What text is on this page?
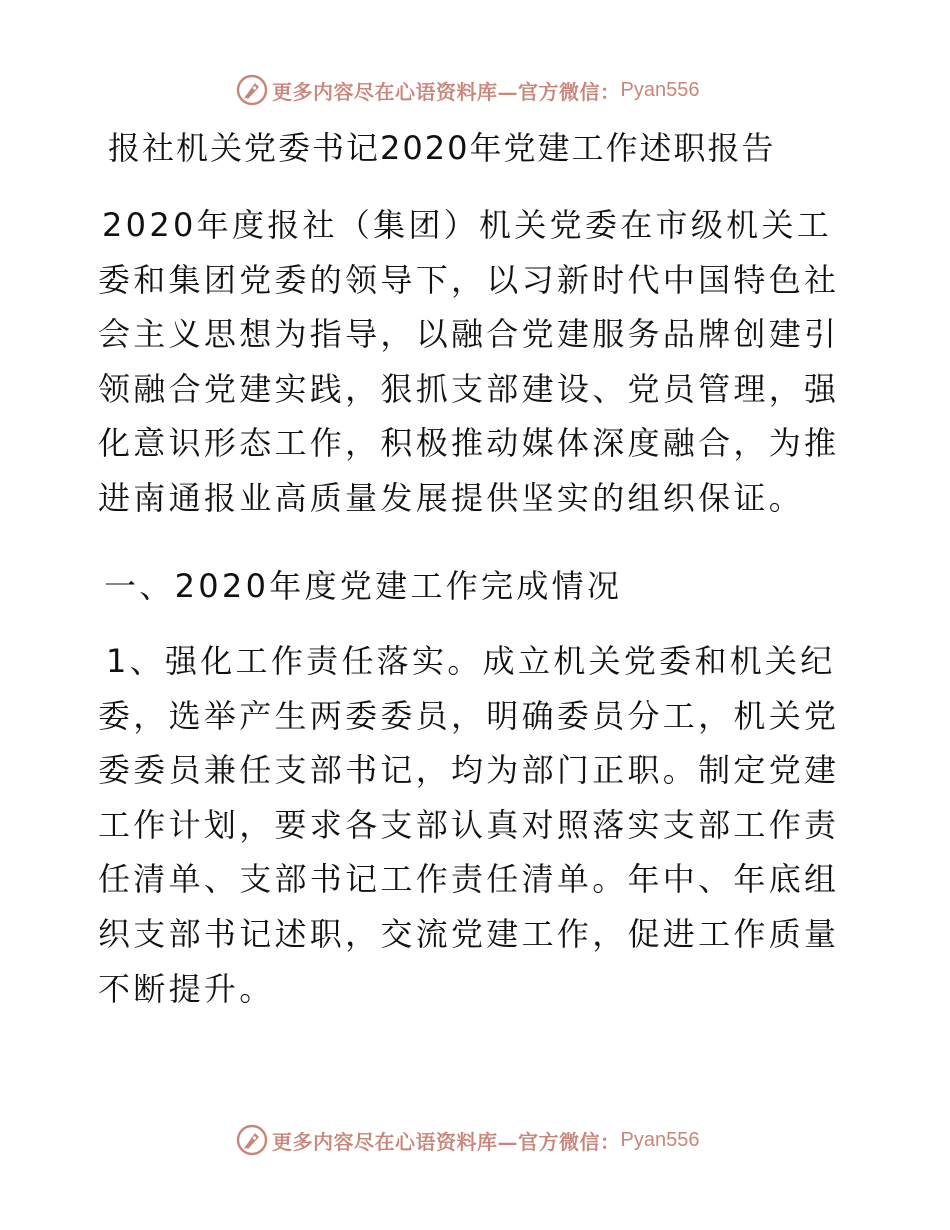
更多内容尽在心语资料库—官方微信： Pyan556
报社机关党委书记2020年党建工作述职报告

2020年度报社（集团）机关党委在市级机关工委和集团党委的领导下，以习新时代中国特色社会主义思想为指导，以融合党建服务品牌创建引领融合党建实践，狠抓支部建设、党员管理，强化意识形态工作，积极推动媒体深度融合，为推进南通报业高质量发展提供坚实的组织保证。

一、2020年度党建工作完成情况

1、强化工作责任落实。成立机关党委和机关纪委，选举产生两委委员，明确委员分工，机关党委委员兼任支部书记，均为部门正职。制定党建工作计划，要求各支部认真对照落实支部工作责任清单、支部书记工作责任清单。年中、年底组织支部书记述职，交流党建工作，促进工作质量不断提升。

更多内容尽在心语资料库—官方微信： Pyan556
